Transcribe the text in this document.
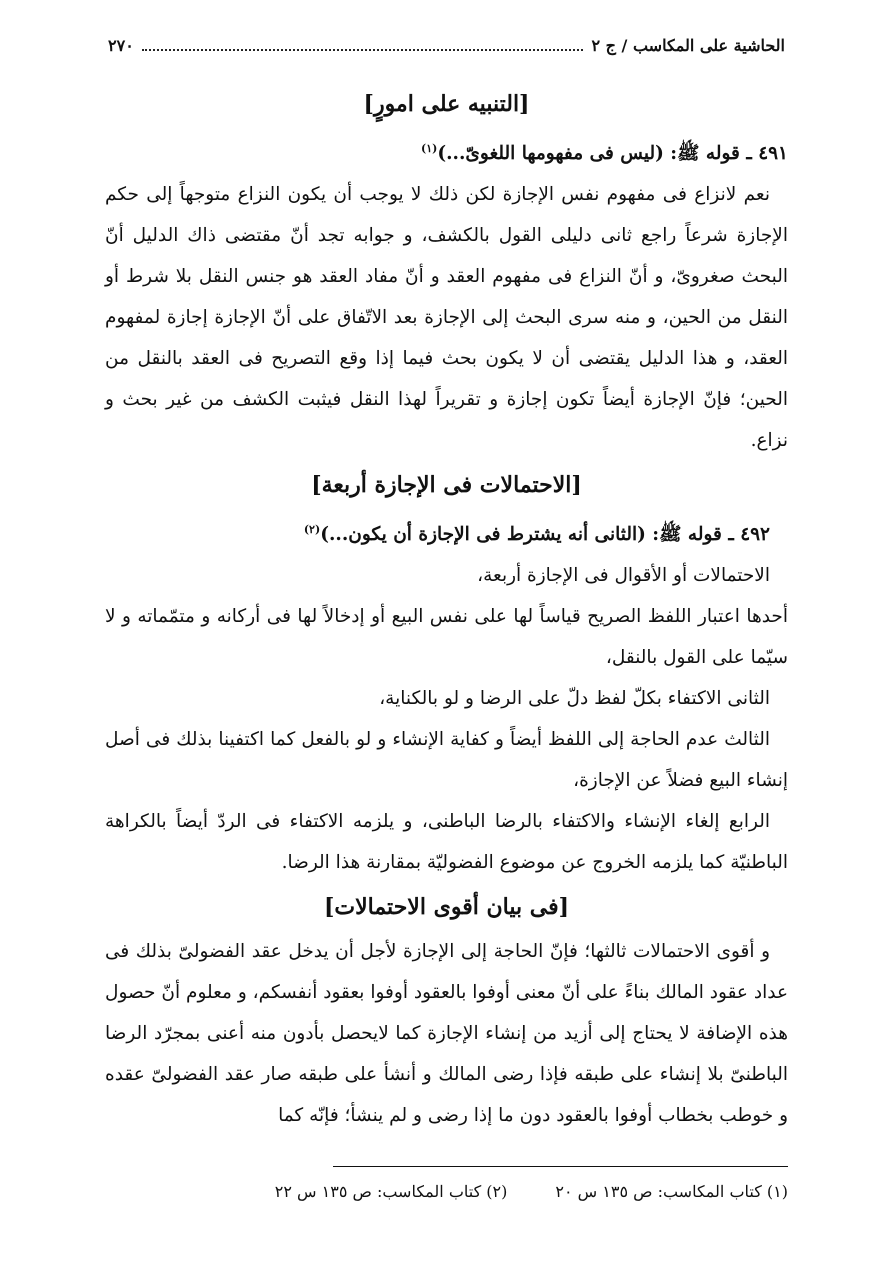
الحاشية على المكاسب / ج ٢
٢٧٠

[التنبيه على امورٍ]

٤٩١ ـ قوله ﷺ: (ليس فى مفهومها اللغوىّ...)$^{(١)}$

نعم لانزاع فى مفهوم نفس الإجازة لكن ذلك لا يوجب أن يكون النزاع متوجهاً إلى حكم الإجازة شرعاً راجع ثانى دليلى القول بالكشف، و جوابه تجد أنّ مقتضى ذاك الدليل أنّ البحث صغروىّ، و أنّ النزاع فى مفهوم العقد و أنّ مفاد العقد هو جنس النقل بلا شرط أو النقل من الحين، و منه سرى البحث إلى الإجازة بعد الاتّفاق على أنّ الإجازة إجازة لمفهوم العقد، و هذا الدليل يقتضى أن لا يكون بحث فيما إذا وقع التصريح فى العقد بالنقل من الحين؛ فإنّ الإجازة أيضاً تكون إجازة و تقريراً لهذا النقل فيثبت الكشف من غير بحث و نزاع.

[الاحتمالات فى الإجازة أربعة]

٤٩٢ ـ قوله ﷺ: (الثانى أنه يشترط فى الإجازة أن يكون...)$^{(٢)}$

الاحتمالات أو الأقوال فى الإجازة أربعة،

أحدها اعتبار اللفظ الصريح قياساً لها على نفس البيع أو إدخالاً لها فى أركانه و متمّماته و لا سيّما على القول بالنقل،

الثانى الاكتفاء بكلّ لفظ دلّ على الرضا و لو بالكناية،

الثالث عدم الحاجة إلى اللفظ أيضاً و كفاية الإنشاء و لو بالفعل كما اكتفينا بذلك فى أصل إنشاء البيع فضلاً عن الإجازة،

الرابع إلغاء الإنشاء والاكتفاء بالرضا الباطنى، و يلزمه الاكتفاء فى الردّ أيضاً بالكراهة الباطنيّة كما يلزمه الخروج عن موضوع الفضوليّة بمقارنة هذا الرضا.

[فى بيان أقوى الاحتمالات]

و أقوى الاحتمالات ثالثها؛ فإنّ الحاجة إلى الإجازة لأجل أن يدخل عقد الفضولىّ بذلك فى عداد عقود المالك بناءً على أنّ معنى أوفوا بالعقود أوفوا بعقود أنفسكم، و معلوم أنّ حصول هذه الإضافة لا يحتاج إلى أزيد من إنشاء الإجازة كما لايحصل بأدون منه أعنى بمجرّد الرضا الباطنىّ بلا إنشاء على طبقه فإذا رضى المالك و أنشأ على طبقه صار عقد الفضولىّ عقده و خوطب بخطاب أوفوا بالعقود دون ما إذا رضى و لم ينشأ؛ فإنّه كما

(١) كتاب المكاسب: ص ١٣٥ س ٢٠
(٢) كتاب المكاسب: ص ١٣٥ س ٢٢
